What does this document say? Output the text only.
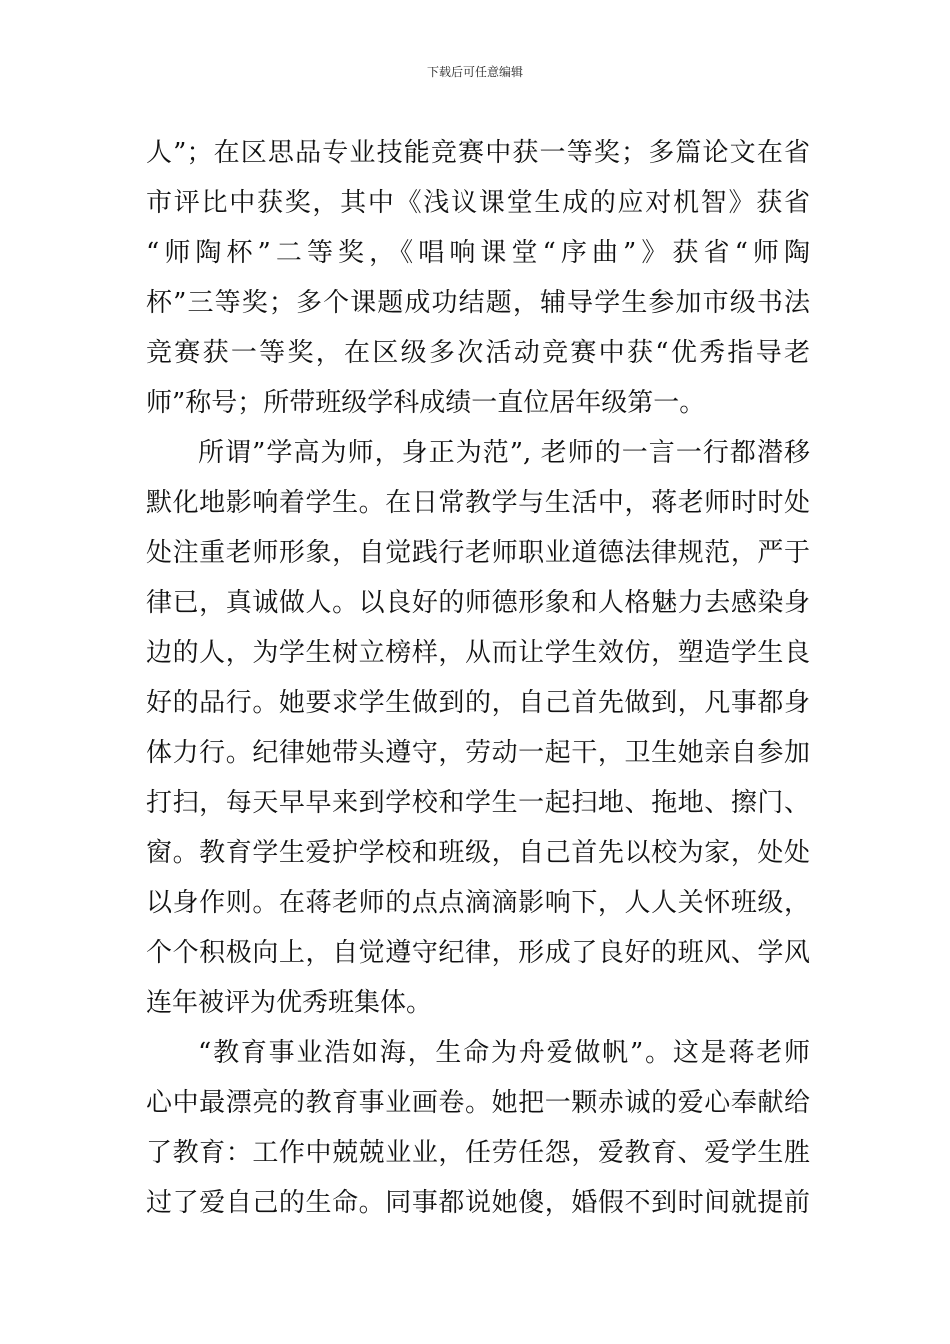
下载后可任意编辑
人”；在区思品专业技能竞赛中获一等奖；多篇论文在省
市评比中获奖，其中《浅议课堂生成的应对机智》获省
“师陶杯”二等奖，《唱响课堂“序曲”》获省“师陶
杯”三等奖；多个课题成功结题，辅导学生参加市级书法
竞赛获一等奖，在区级多次活动竞赛中获“优秀指导老
师”称号；所带班级学科成绩一直位居年级第一。
所谓”学高为师，身正为范”, 老师的一言一行都潜移
默化地影响着学生。在日常教学与生活中，蒋老师时时处
处注重老师形象，自觉践行老师职业道德法律规范，严于
律已，真诚做人。以良好的师德形象和人格魅力去感染身
边的人，为学生树立榜样，从而让学生效仿，塑造学生良
好的品行。她要求学生做到的，自己首先做到，凡事都身
体力行。纪律她带头遵守，劳动一起干，卫生她亲自参加
打扫，每天早早来到学校和学生一起扫地、拖地、擦门、
窗。教育学生爱护学校和班级，自己首先以校为家，处处
以身作则。在蒋老师的点点滴滴影响下，人人关怀班级，
个个积极向上，自觉遵守纪律，形成了良好的班风、学风
连年被评为优秀班集体。
“教育事业浩如海，生命为舟爱做帆”。这是蒋老师
心中最漂亮的教育事业画卷。她把一颗赤诚的爱心奉献给
了教育：工作中兢兢业业，任劳任怨，爱教育、爱学生胜
过了爱自己的生命。同事都说她傻，婚假不到时间就提前
